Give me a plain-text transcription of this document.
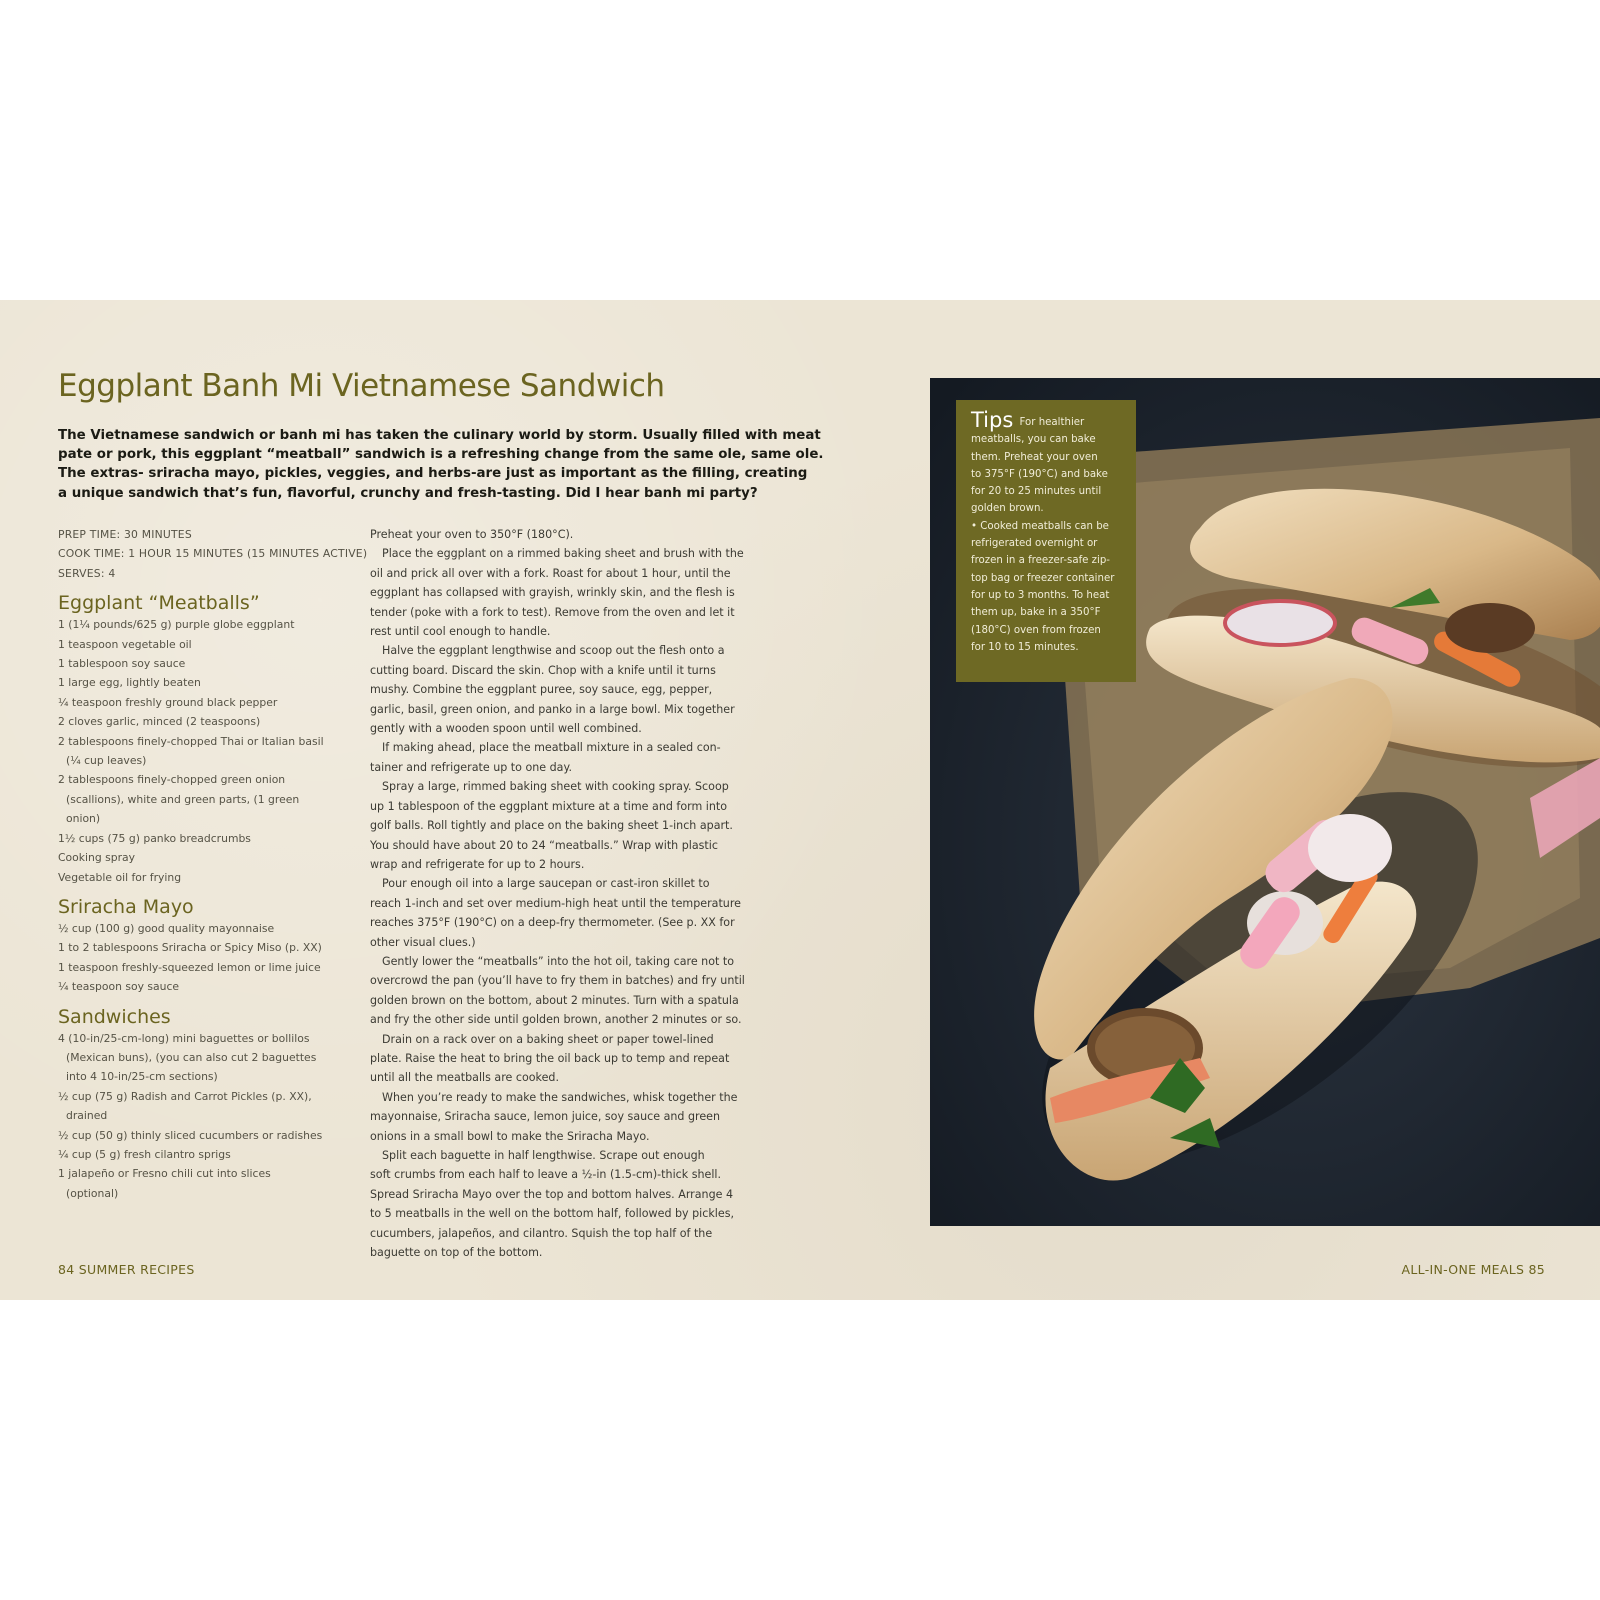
Eggplant Banh Mi Vietnamese Sandwich

The Vietnamese sandwich or banh mi has taken the culinary world by storm. Usually filled with meat
pate or pork, this eggplant “meatball” sandwich is a refreshing change from the same ole, same ole.
The extras- sriracha mayo, pickles, veggies, and herbs-are just as important as the filling, creating
a unique sandwich that’s fun, flavorful, crunchy and fresh-tasting. Did I hear banh mi party?

PREP TIME: 30 MINUTES
COOK TIME: 1 HOUR 15 MINUTES (15 MINUTES ACTIVE)
SERVES: 4
Eggplant “Meatballs”
1 (1¼ pounds/625 g) purple globe eggplant
1 teaspoon vegetable oil
1 tablespoon soy sauce
1 large egg, lightly beaten
¼ teaspoon freshly ground black pepper
2 cloves garlic, minced (2 teaspoons)
2 tablespoons finely-chopped Thai or Italian basil
(¼ cup leaves)
2 tablespoons finely-chopped green onion
(scallions), white and green parts, (1 green
onion)
1½ cups (75 g) panko breadcrumbs
Cooking spray
Vegetable oil for frying
Sriracha Mayo
½ cup (100 g) good quality mayonnaise
1 to 2 tablespoons Sriracha or Spicy Miso (p. XX)
1 teaspoon freshly-squeezed lemon or lime juice
¼ teaspoon soy sauce
Sandwiches
4 (10-in/25-cm-long) mini baguettes or bollilos
(Mexican buns), (you can also cut 2 baguettes
into 4 10-in/25-cm sections)
½ cup (75 g) Radish and Carrot Pickles (p. XX),
drained
½ cup (50 g) thinly sliced cucumbers or radishes
¼ cup (5 g) fresh cilantro sprigs
1 jalapeño or Fresno chili cut into slices
(optional)
Preheat your oven to 350°F (180°C).
Place the eggplant on a rimmed baking sheet and brush with the
oil and prick all over with a fork. Roast for about 1 hour, until the
eggplant has collapsed with grayish, wrinkly skin, and the flesh is
tender (poke with a fork to test). Remove from the oven and let it
rest until cool enough to handle.
Halve the eggplant lengthwise and scoop out the flesh onto a
cutting board. Discard the skin. Chop with a knife until it turns
mushy. Combine the eggplant puree, soy sauce, egg, pepper,
garlic, basil, green onion, and panko in a large bowl. Mix together
gently with a wooden spoon until well combined.
If making ahead, place the meatball mixture in a sealed con-
tainer and refrigerate up to one day.
Spray a large, rimmed baking sheet with cooking spray. Scoop
up 1 tablespoon of the eggplant mixture at a time and form into
golf balls. Roll tightly and place on the baking sheet 1-inch apart.
You should have about 20 to 24 “meatballs.” Wrap with plastic
wrap and refrigerate for up to 2 hours.
Pour enough oil into a large saucepan or cast-iron skillet to
reach 1-inch and set over medium-high heat until the temperature
reaches 375°F (190°C) on a deep-fry thermometer. (See p. XX for
other visual clues.)
Gently lower the “meatballs” into the hot oil, taking care not to
overcrowd the pan (you’ll have to fry them in batches) and fry until
golden brown on the bottom, about 2 minutes. Turn with a spatula
and fry the other side until golden brown, another 2 minutes or so.
Drain on a rack over on a baking sheet or paper towel-lined
plate. Raise the heat to bring the oil back up to temp and repeat
until all the meatballs are cooked.
When you’re ready to make the sandwiches, whisk together the
mayonnaise, Sriracha sauce, lemon juice, soy sauce and green
onions in a small bowl to make the Sriracha Mayo.
Split each baguette in half lengthwise. Scrape out enough
soft crumbs from each half to leave a ½-in (1.5-cm)-thick shell.
Spread Sriracha Mayo over the top and bottom halves. Arrange 4
to 5 meatballs in the well on the bottom half, followed by pickles,
cucumbers, jalapeños, and cilantro. Squish the top half of the
baguette on top of the bottom.
Tips For healthier
meatballs, you can bake
them. Preheat your oven
to 375°F (190°C) and bake
for 20 to 25 minutes until
golden brown.
• Cooked meatballs can be
refrigerated overnight or
frozen in a freezer-safe zip-
top bag or freezer container
for up to 3 months. To heat
them up, bake in a 350°F
(180°C) oven from frozen
for 10 to 15 minutes.
84 SUMMER RECIPES	ALL-IN-ONE MEALS 85
